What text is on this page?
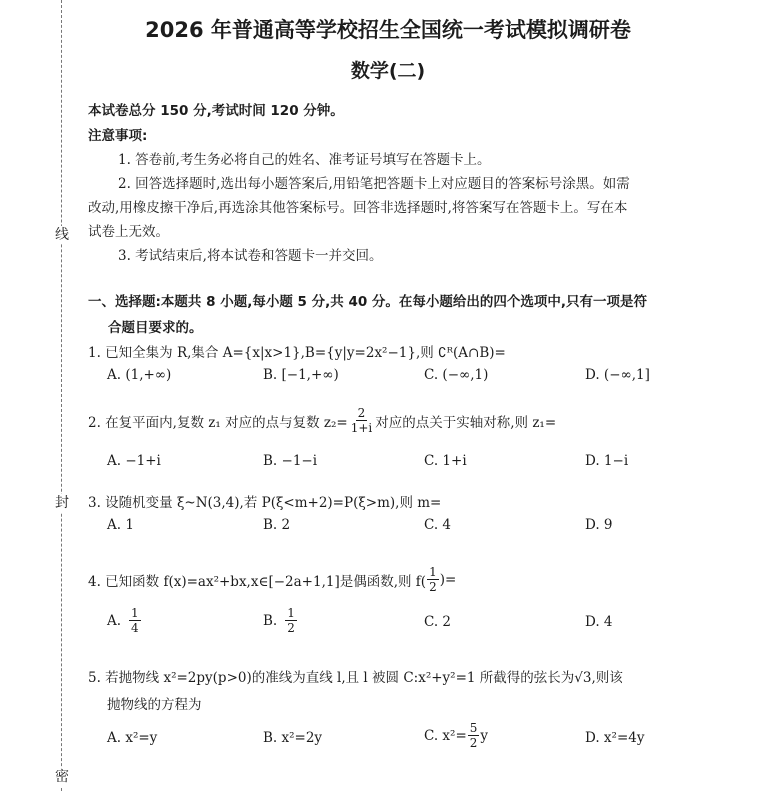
线
封
密
2026 年普通高等学校招生全国统一考试模拟调研卷
数学(二)
本试卷总分 150 分,考试时间 120 分钟。
注意事项:
1. 答卷前,考生务必将自己的姓名、准考证号填写在答题卡上。
2. 回答选择题时,选出每小题答案后,用铅笔把答题卡上对应题目的答案标号涂黑。如需
改动,用橡皮擦干净后,再选涂其他答案标号。回答非选择题时,将答案写在答题卡上。写在本
试卷上无效。
3. 考试结束后,将本试卷和答题卡一并交回。
一、选择题:本题共 8 小题,每小题 5 分,共 40 分。在每小题给出的四个选项中,只有一项是符
合题目要求的。
1. 已知全集为 R,集合 A={x|x>1},B={y|y=2x²−1},则 ∁ᴿ(A∩B)=
A. (1,+∞)	B. [−1,+∞)	C. (−∞,1)	D. (−∞,1]
2. 在复平面内,复数 z₁ 对应的点与复数 $z_2= \frac{2}{1+i}$ 对应的点关于实轴对称,则 z₁=
A. −1+i	B. −1−i	C. 1+i	D. 1−i
3. 设随机变量 ξ~N(3,4),若 P(ξ<m+2)=P(ξ>m),则 m=
A. 1	B. 2	C. 4	D. 9
4. 已知函数 f(x)=ax²+bx,x∈[−2a+1,1]是偶函数,则 $f( \frac{1}{2}$ )=
A. $\frac{1}{4}$	B. $\frac{1}{2}$	C. 2	D. 4
5. 若抛物线 x²=2py(p>0)的准线为直线 l,且 l 被圆 C:x²+y²=1 所截得的弦长为√3,则该
抛物线的方程为
A. x²=y	B. x²=2y	C. $x^2= \frac{5}{2}$ y	D. x²=4y
